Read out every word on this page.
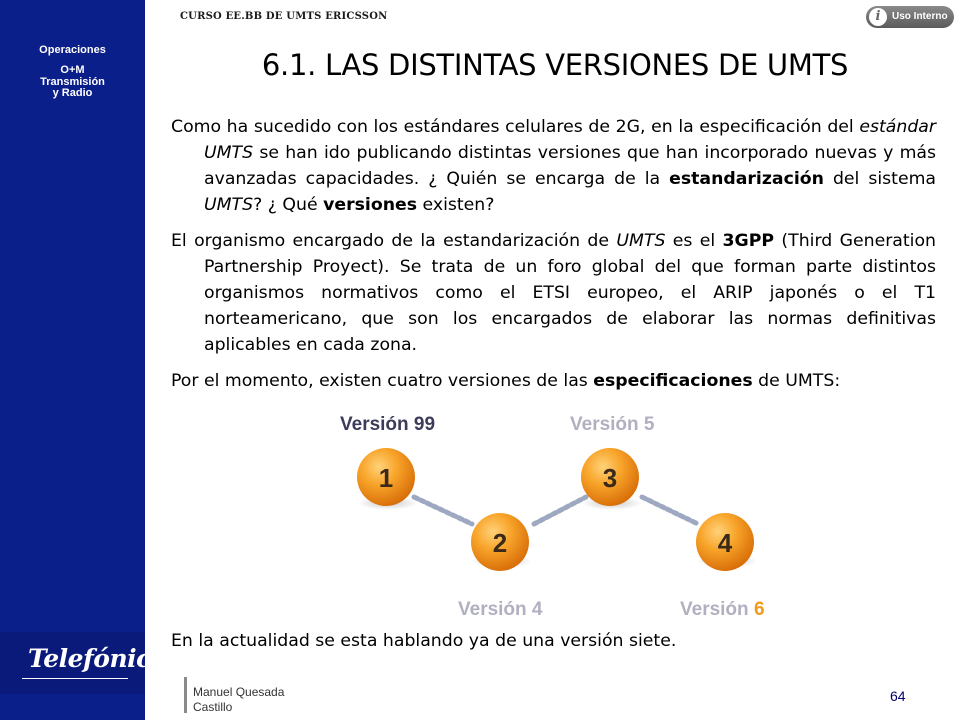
Operaciones
O+M
Transmisión
y Radio
Telefónica
CURSO EE.BB DE UMTS ERICSSON	i	Uso Interno
6.1. LAS DISTINTAS VERSIONES DE UMTS

Como ha sucedido con los estándares celulares de 2G, en la especificación del estándar UMTS se han ido publicando distintas versiones que han incorporado nuevas y más avanzadas capacidades. ¿ Quién se encarga de la estandarización del sistema UMTS? ¿ Qué versiones existen?

El organismo encargado de la estandarización de UMTS es el 3GPP (Third Generation Partnership Proyect). Se trata de un foro global del que forman parte distintos organismos normativos como el ETSI europeo, el ARIP japonés o el T1 norteamericano, que son los encargados de elaborar las normas definitivas aplicables en cada zona.

Por el momento, existen cuatro versiones de las especificaciones de UMTS:

Versión 99	Versión 5
Versión 4	Versión 6
1
2
3
4

En la actualidad se esta hablando ya de una versión siete.

Manuel Quesada
Castillo
64
